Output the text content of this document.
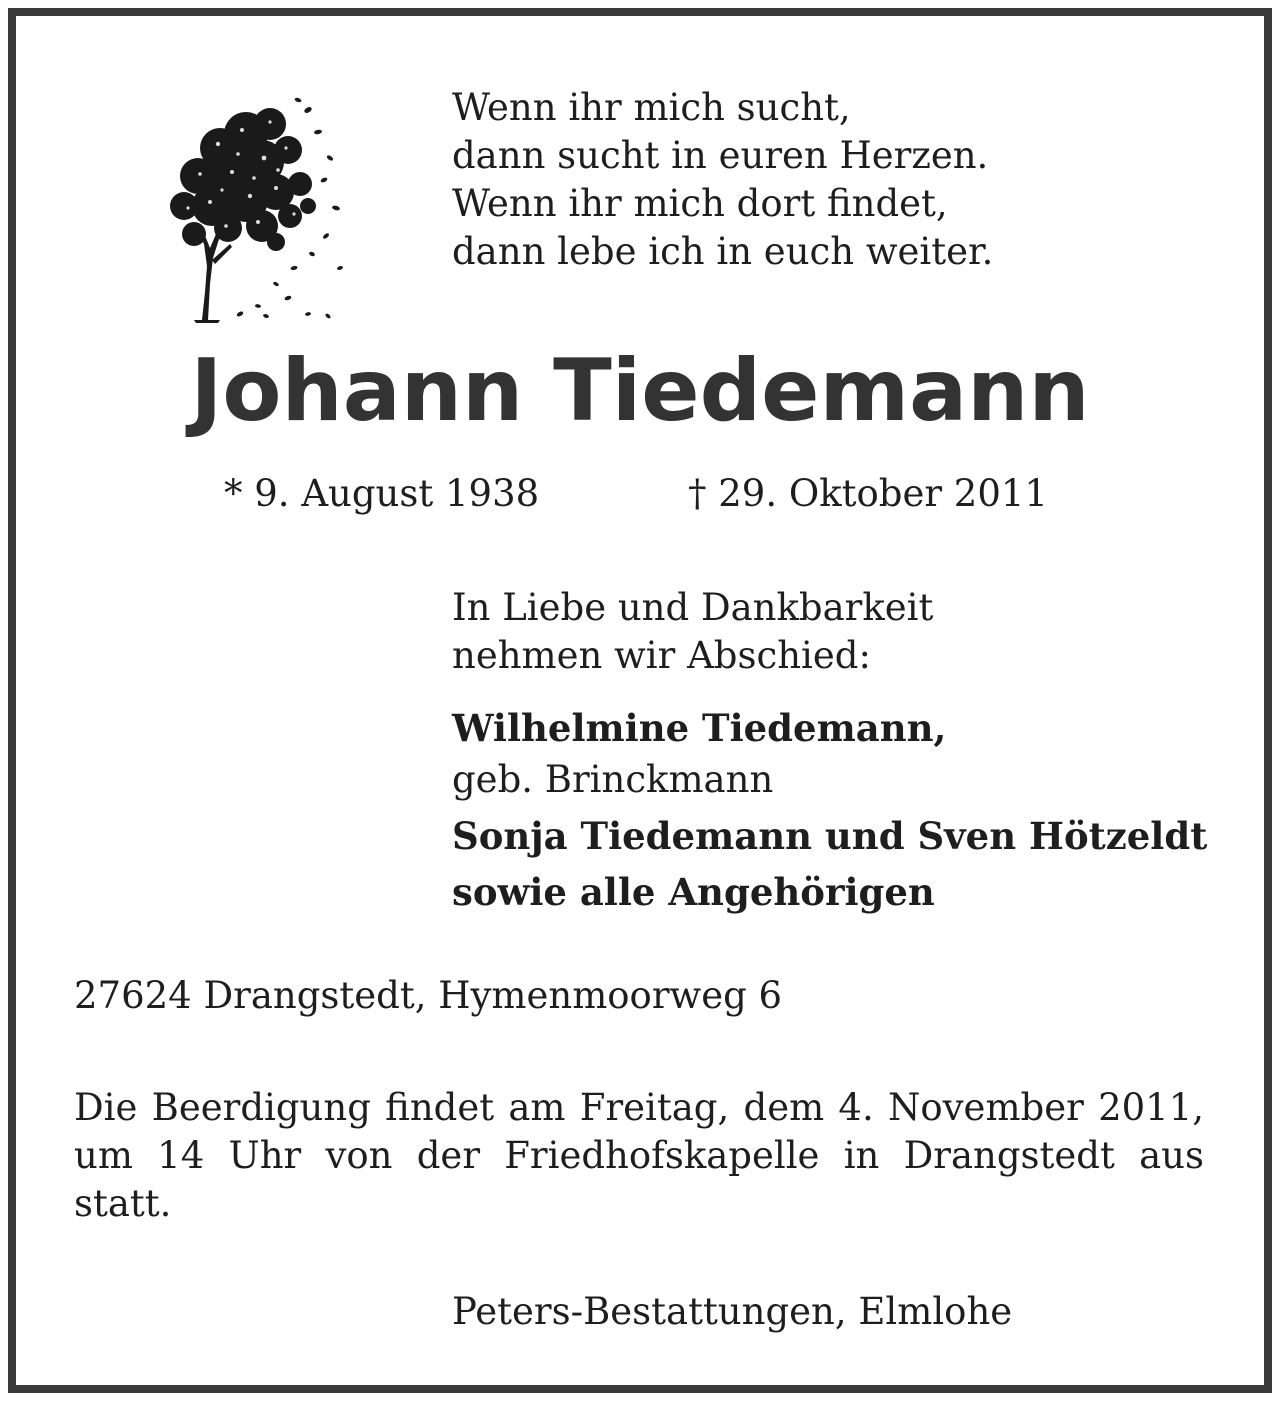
Wenn ihr mich sucht,
dann sucht in euren Herzen.
Wenn ihr mich dort findet,
dann lebe ich in euch weiter.
Johann Tiedemann
* 9. August 1938	† 29. Oktober 2011
In Liebe und Dankbarkeit
nehmen wir Abschied:
Wilhelmine Tiedemann,
geb. Brinckmann
Sonja Tiedemann und Sven Hötzeldt
sowie alle Angehörigen
27624 Drangstedt, Hymenmoorweg 6
Die Beerdigung findet am Freitag, dem 4. November 2011, um 14 Uhr von der Friedhofskapelle in Drangstedt aus statt.
Peters-Bestattungen, Elmlohe
